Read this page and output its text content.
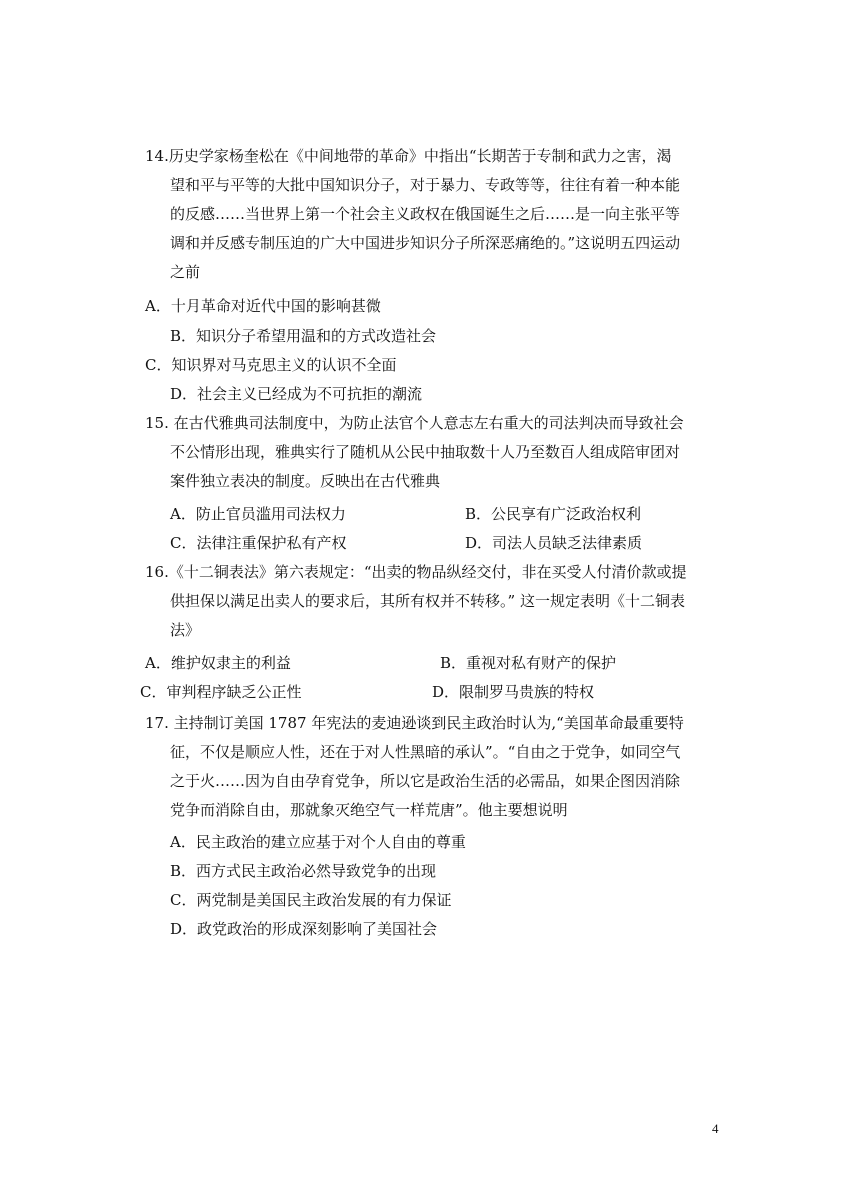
14.历史学家杨奎松在《中间地带的革命》中指出“长期苦于专制和武力之害，渴
望和平与平等的大批中国知识分子，对于暴力、专政等等，往往有着一种本能
的反感……当世界上第一个社会主义政权在俄国诞生之后……是一向主张平等
调和并反感专制压迫的广大中国进步知识分子所深恶痛绝的。”这说明五四运动
之前
A．十月革命对近代中国的影响甚微
B．知识分子希望用温和的方式改造社会
C．知识界对马克思主义的认识不全面
D．社会主义已经成为不可抗拒的潮流
15. 在古代雅典司法制度中，为防止法官个人意志左右重大的司法判决而导致社会
不公情形出现，雅典实行了随机从公民中抽取数十人乃至数百人组成陪审团对
案件独立表决的制度。反映出在古代雅典
A．防止官员滥用司法权力	B．公民享有广泛政治权利
C．法律注重保护私有产权	D．司法人员缺乏法律素质
16.《十二铜表法》第六表规定：“出卖的物品纵经交付，非在买受人付清价款或提
供担保以满足出卖人的要求后，其所有权并不转移。” 这一规定表明《十二铜表
法》
A．维护奴隶主的利益	B．重视对私有财产的保护
C．审判程序缺乏公正性	D．限制罗马贵族的特权
17. 主持制订美国 1787 年宪法的麦迪逊谈到民主政治时认为,“美国革命最重要特
征，不仅是顺应人性，还在于对人性黑暗的承认”。“自由之于党争，如同空气
之于火……因为自由孕育党争，所以它是政治生活的必需品，如果企图因消除
党争而消除自由，那就象灭绝空气一样荒唐”。他主要想说明
A．民主政治的建立应基于对个人自由的尊重
B．西方式民主政治必然导致党争的出现
C．两党制是美国民主政治发展的有力保证
D．政党政治的形成深刻影响了美国社会
4
